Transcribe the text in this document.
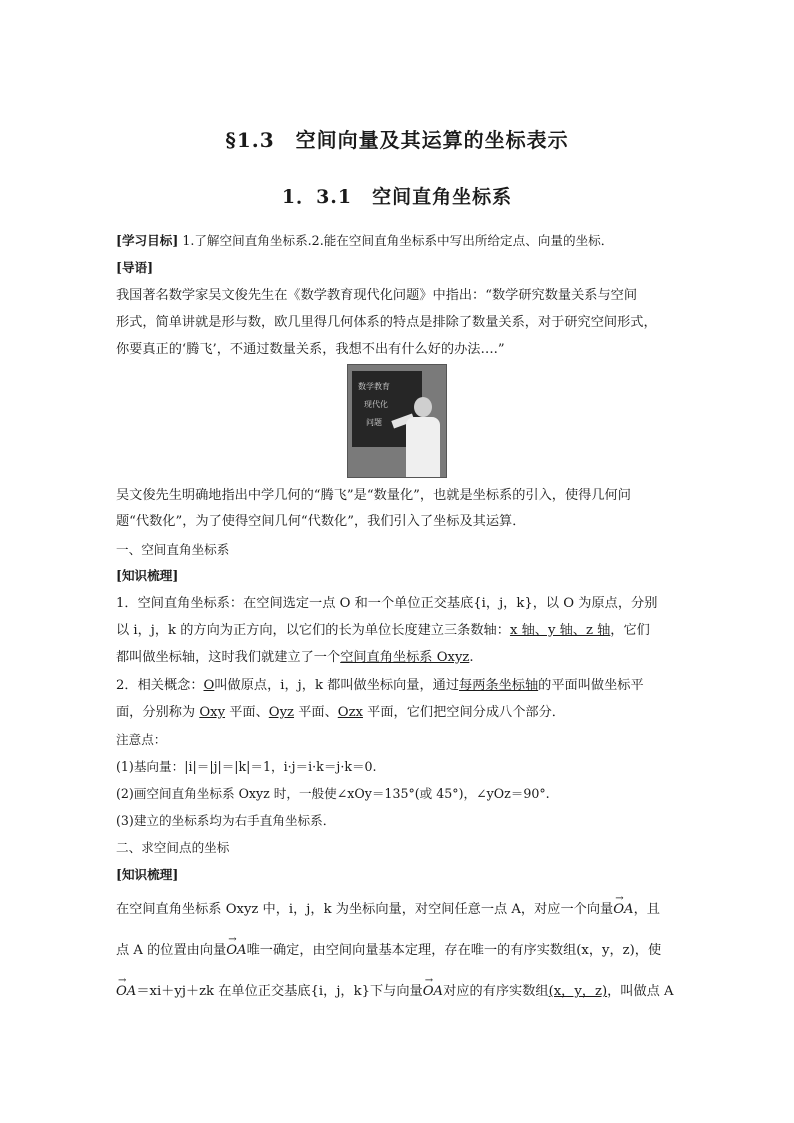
§1.3　空间向量及其运算的坐标表示
1．3.1　空间直角坐标系
[学习目标] 1.了解空间直角坐标系.2.能在空间直角坐标系中写出所给定点、向量的坐标．
[导语]
我国著名数学家吴文俊先生在《数学教育现代化问题》中指出：“数学研究数量关系与空间
形式，简单讲就是形与数，欧几里得几何体系的特点是排除了数量关系，对于研究空间形式，
你要真正的‘腾飞’，不通过数量关系，我想不出有什么好的办法….”
数学教育
现代化
问题
吴文俊先生明确地指出中学几何的“腾飞”是“数量化”，也就是坐标系的引入，使得几何问
题“代数化”，为了使得空间几何“代数化”，我们引入了坐标及其运算．
一、空间直角坐标系
[知识梳理]
1．空间直角坐标系：在空间选定一点 O 和一个单位正交基底{i，j，k}，以 O 为原点，分别
以 i，j，k 的方向为正方向，以它们的长为单位长度建立三条数轴：x 轴、y 轴、z 轴，它们
都叫做坐标轴，这时我们就建立了一个空间直角坐标系 Oxyz.
2．相关概念：O叫做原点，i，j，k 都叫做坐标向量，通过每两条坐标轴的平面叫做坐标平
面，分别称为 Oxy 平面、Oyz 平面、Ozx 平面，它们把空间分成八个部分．
注意点：
(1)基向量：|i|＝|j|＝|k|＝1，i·j＝i·k＝j·k＝0.
(2)画空间直角坐标系 Oxyz 时，一般使∠xOy＝135°(或 45°)，∠yOz＝90°.
(3)建立的坐标系均为右手直角坐标系．
二、求空间点的坐标
[知识梳理]
在空间直角坐标系 Oxyz 中，i，j，k 为坐标向量，对空间任意一点 A，对应一个向量→ OA，且
点 A 的位置由向量→ OA唯一确定，由空间向量基本定理，存在唯一的有序实数组(x，y，z)，使
→ OA＝xi＋yj＋zk 在单位正交基底{i，j，k}下与向量→ OA对应的有序实数组(x，y，z)，叫做点 A
